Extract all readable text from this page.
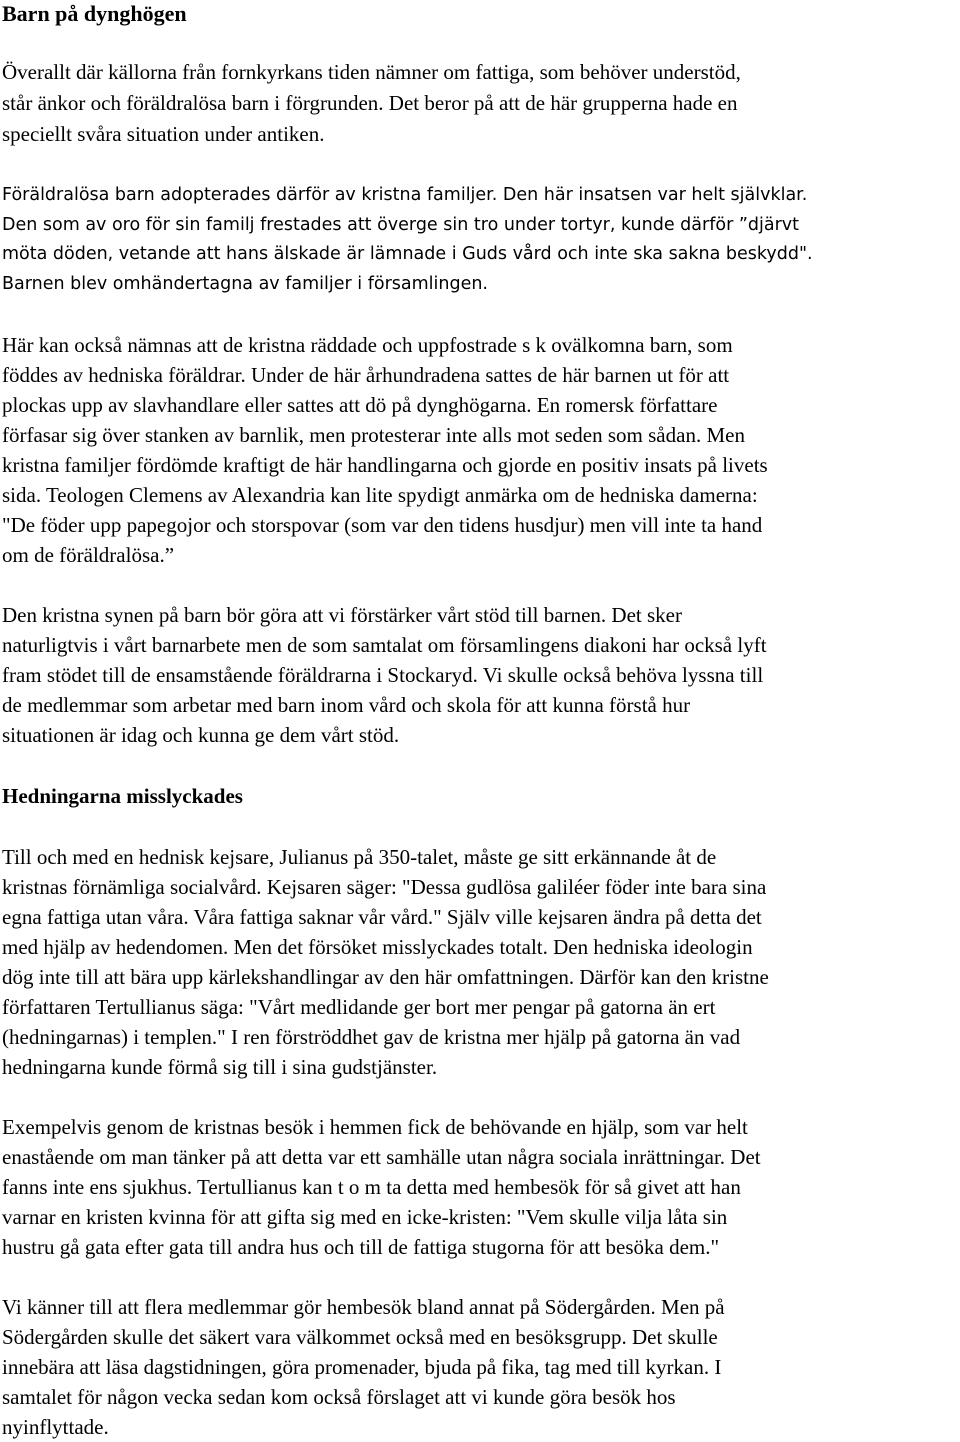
Barn på dynghögen

Överallt där källorna från fornkyrkans tiden nämner om fattiga, som behöver understöd,

står änkor och föräldralösa barn i förgrunden. Det beror på att de här grupperna hade en

speciellt svåra situation under antiken.

Föräldralösa barn adopterades därför av kristna familjer. Den här insatsen var helt självklar.

Den som av oro för sin familj frestades att överge sin tro under tortyr, kunde därför ”djärvt

möta döden, vetande att hans älskade är lämnade i Guds vård och inte ska sakna beskydd".

Barnen blev omhändertagna av familjer i församlingen.

Här kan också nämnas att de kristna räddade och uppfostrade s k ovälkomna barn, som

föddes av hedniska föräldrar. Under de här århundradena sattes de här barnen ut för att

plockas upp av slavhandlare eller sattes att dö på dynghögarna. En romersk författare

förfasar sig över stanken av barnlik, men protesterar inte alls mot seden som sådan. Men

kristna familjer fördömde kraftigt de här handlingarna och gjorde en positiv insats på livets

sida. Teologen Clemens av Alexandria kan lite spydigt anmärka om de hedniska damerna:

"De föder upp papegojor och storspovar (som var den tidens husdjur) men vill inte ta hand

om de föräldralösa.”

Den kristna synen på barn bör göra att vi förstärker vårt stöd till barnen. Det sker

naturligtvis i vårt barnarbete men de som samtalat om församlingens diakoni har också lyft

fram stödet till de ensamstående föräldrarna i Stockaryd. Vi skulle också behöva lyssna till

de medlemmar som arbetar med barn inom vård och skola för att kunna förstå hur

situationen är idag och kunna ge dem vårt stöd.

Hedningarna misslyckades

Till och med en hednisk kejsare, Julianus på 350-talet, måste ge sitt erkännande åt de

kristnas förnämliga socialvård. Kejsaren säger: "Dessa gudlösa galiléer föder inte bara sina

egna fattiga utan våra. Våra fattiga saknar vår vård." Själv ville kejsaren ändra på detta det

med hjälp av hedendomen. Men det försöket misslyckades totalt. Den hedniska ideologin

dög inte till att bära upp kärlekshandlingar av den här omfattningen. Därför kan den kristne

författaren Tertullianus säga: "Vårt medlidande ger bort mer pengar på gatorna än ert

(hedningarnas) i templen." I ren förströddhet gav de kristna mer hjälp på gatorna än vad

hedningarna kunde förmå sig till i sina gudstjänster.

Exempelvis genom de kristnas besök i hemmen fick de behövande en hjälp, som var helt

enastående om man tänker på att detta var ett samhälle utan några sociala inrättningar. Det

fanns inte ens sjukhus. Tertullianus kan t o m ta detta med hembesök för så givet att han

varnar en kristen kvinna för att gifta sig med en icke-kristen: "Vem skulle vilja låta sin

hustru gå gata efter gata till andra hus och till de fattiga stugorna för att besöka dem."

Vi känner till att flera medlemmar gör hembesök bland annat på Södergården. Men på

Södergården skulle det säkert vara välkommet också med en besöksgrupp. Det skulle

innebära att läsa dagstidningen, göra promenader, bjuda på fika, tag med till kyrkan. I

samtalet för någon vecka sedan kom också förslaget att vi kunde göra besök hos

nyinflyttade.
